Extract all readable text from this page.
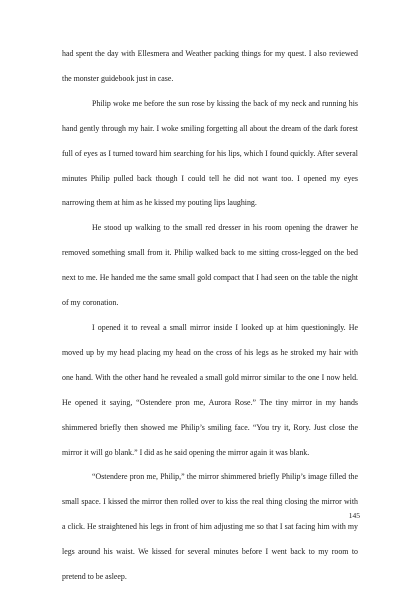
had spent the day with Ellesmera and Weather packing things for my quest. I also reviewed the monster guidebook just in case.

Philip woke me before the sun rose by kissing the back of my neck and running his hand gently through my hair. I woke smiling forgetting all about the dream of the dark forest full of eyes as I turned toward him searching for his lips, which I found quickly. After several minutes Philip pulled back though I could tell he did not want too. I opened my eyes narrowing them at him as he kissed my pouting lips laughing.

He stood up walking to the small red dresser in his room opening the drawer he removed something small from it. Philip walked back to me sitting cross-legged on the bed next to me. He handed me the same small gold compact that I had seen on the table the night of my coronation.

I opened it to reveal a small mirror inside I looked up at him questioningly. He moved up by my head placing my head on the cross of his legs as he stroked my hair with one hand. With the other hand he revealed a small gold mirror similar to the one I now held. He opened it saying, “Ostendere pron me, Aurora Rose.” The tiny mirror in my hands shimmered briefly then showed me Philip’s smiling face. “You try it, Rory. Just close the mirror it will go blank.” I did as he said opening the mirror again it was blank.

“Ostendere pron me, Philip,” the mirror shimmered briefly Philip’s image filled the small space. I kissed the mirror then rolled over to kiss the real thing closing the mirror with a click. He straightened his legs in front of him adjusting me so that I sat facing him with my legs around his waist. We kissed for several minutes before I went back to my room to pretend to be asleep.

145
